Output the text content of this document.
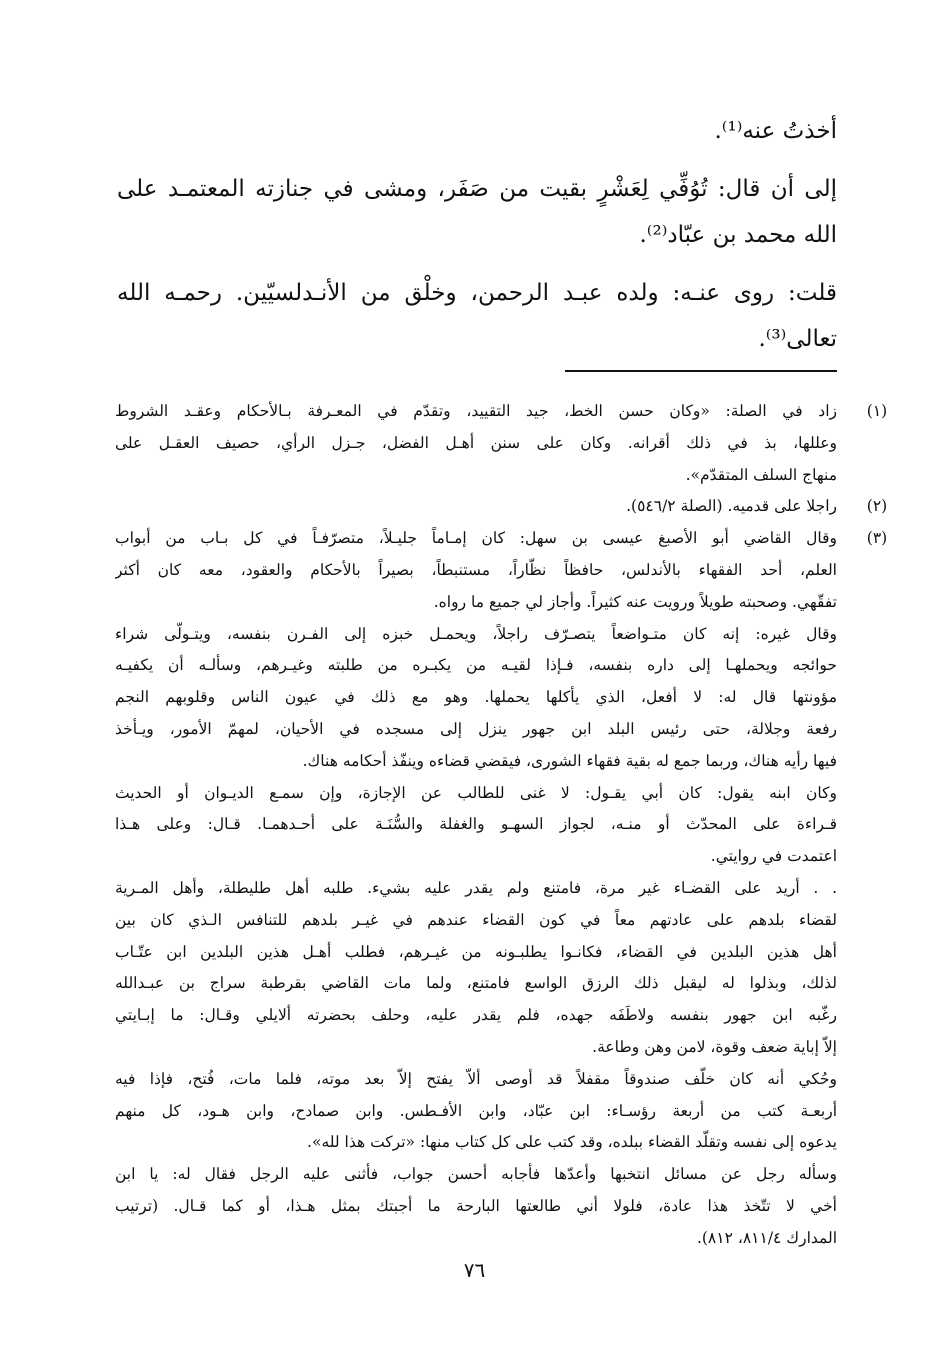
أخذتُ عنه⁽¹⁾.

إلى أن قال: تُوُفِّي لِعَشْرٍ بقيت من صَفَر، ومشى في جنازته المعتمـد على الله محمد بن عبّاد⁽²⁾.

قلت: روى عنـه: ولده عبـد الرحمن، وخلْق من الأنـدلسيّين. رحمـه الله تعالى⁽³⁾.

(١)
زاد في الصلة: «وكان حسن الخط، جيد التقييد، وتقدّم في المعـرفة بـالأحكام وعقـد الشروط
وعللها، بذ في ذلك أقرانه. وكان على سنن أهـل الفضل، جـزل الرأي، حصيف العقـل على
منهاج السلف المتقدّم».
(٢)
راجلا على قدميه. (الصلة ٥٤٦/٢).
(٣)
وقال القاضي أبو الأصبغ عيسى بن سهل: كان إمـاماً جليـلاً، متصرّفـاً في كل بـاب من أبواب
العلم، أحد الفقهاء بالأندلس، حافظاً نظّاراً، مستنبطاً، بصيراً بالأحكام والعقود، معه كان أكثر
تفقّهي. وصحبته طويلاً ورويت عنه كثيراً. وأجاز لي جميع ما رواه.
وقال غيره: إنه كان متـواضعاً يتصـرّف راجلاً، ويحمـل خبزه إلى الفـرن بنفسه، ويتـولّى شراء
حوائجه ويحملهـا إلى داره بنفسه، فـإذا لقيـه من يكبـره من طلبته وغيـرهم، وسألـه أن يكفيـه
مؤونتها قال له: لا أفعل، الذي يأكلها يحملها. وهو مع ذلك في عيون الناس وقلوبهم النجم
رفعة وجلالة، حتى رئيس البلد ابن جهور ينزل إلى مسجده في الأحيان، لمهمّ الأمور، ويـأخذ
فيها رأيه هناك، وربما جمع له بقية فقهاء الشورى، فيقضي قضاءه وينفّذ أحكامه هناك.
وكان ابنه يقول: كان أبي يقـول: لا غنى للطالب عن الإجازة، وإن سمـع الديـوان أو الحديث
قـراءة على المحدّث أو منـه، لجواز السهـو والغفلة والسُّنَـة على أحـدهمـا. قـال: وعلى هـذا
اعتمدت في روايتي.
. . أريد على القضـاء غير مرة، فامتنع ولم يقدر عليه بشيء. طلبه أهل طليطلة، وأهل المـرية
لقضاء بلدهم على عادتهم معاً في كون القضاء عندهم في غيـر بلدهم للتنافس الـذي كان بين
أهل هذين البلدين في القضاء، فكانـوا يطلبـونه من غيـرهم، فطلب أهـل هذين البلدين ابن عتّـاب
لذلك، وبذلوا له ليقبل ذلك الرزق الواسع فامتنع، ولما مات القاضي بقرطبة سراج بن عبـدالله
رغّبه ابن جهور بنفسه ولاطَفَه جهده، فلم يقدر عليه، وحلف بحضرته ألايلي وقـال: ما إبـايتي
إلاّ إباية ضعف وقوة، لامن وهن وطاعة.
وحُكي أنه كان خلّف صندوقاً مقفلاً قد أوصى ألاّ يفتح إلاّ بعد موته، فلما مات، فُتح، فإذا فيه
أربعـة كتب من أربعة رؤسـاء: ابن عبّاد، وابن الأفـطس. وابن صمادح، وابن هـود، كل منهم
يدعوه إلى نفسه وتقلّد القضاء ببلده، وقد كتب على كل كتاب منها: «تركت هذا لله».
وسأله رجل عن مسائل انتخبها وأعدّها فأجابه أحسن جواب، فأثنى عليه الرجل فقال له: يا ابن
أخي لا تتّخذ هذا عادة، فلولا أني طالعتها البارحة ما أجبتك بمثل هـذا، أو كما قـال. (ترتيب
المدارك ٨١١/٤، ٨١٢).
٧٦
